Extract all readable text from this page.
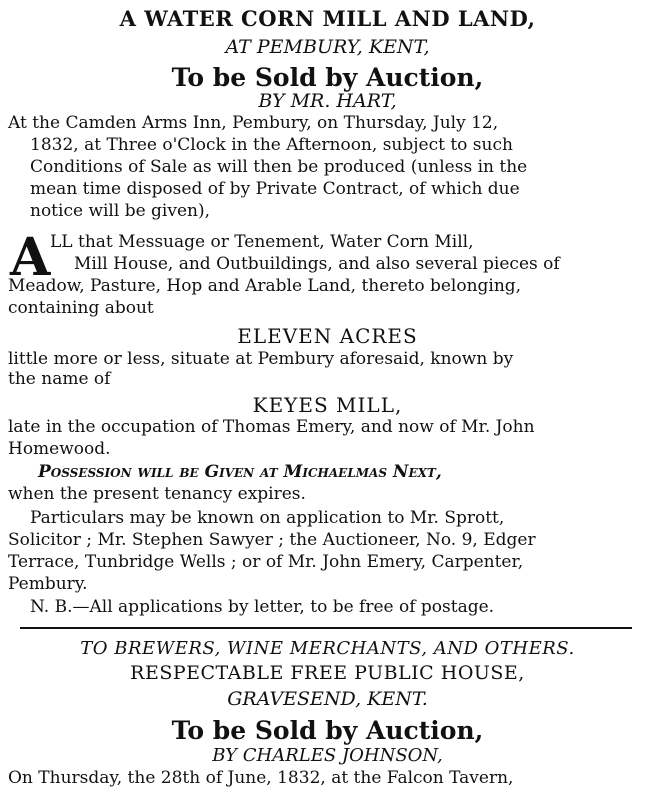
A WATER CORN MILL AND LAND,
AT PEMBURY, KENT,
To be Sold by Auction,
BY MR. HART,
At the Camden Arms Inn, Pembury, on Thursday, July 12,
1832, at Three o'Clock in the Afternoon, subject to such
Conditions of Sale as will then be produced (unless in the
mean time disposed of by Private Contract, of which due
notice will be given),
A LL that Messuage or Tenement, Water Corn Mill,
Mill House, and Outbuildings, and also several pieces of
Meadow, Pasture, Hop and Arable Land, thereto belonging,
containing about
ELEVEN ACRES
little more or less, situate at Pembury aforesaid, known by
the name of
KEYES MILL,
late in the occupation of Thomas Emery, and now of Mr. John
Homewood.
Possession will be Given at Michaelmas Next,
when the present tenancy expires.
Particulars may be known on application to Mr. Sprott,
Solicitor ; Mr. Stephen Sawyer ; the Auctioneer, No. 9, Edger
Terrace, Tunbridge Wells ; or of Mr. John Emery, Carpenter,
Pembury.
N. B.—All applications by letter, to be free of postage.
TO BREWERS, WINE MERCHANTS, AND OTHERS.
RESPECTABLE FREE PUBLIC HOUSE,
GRAVESEND, KENT.
To be Sold by Auction,
BY CHARLES JOHNSON,
On Thursday, the 28th of June, 1832, at the Falcon Tavern,
